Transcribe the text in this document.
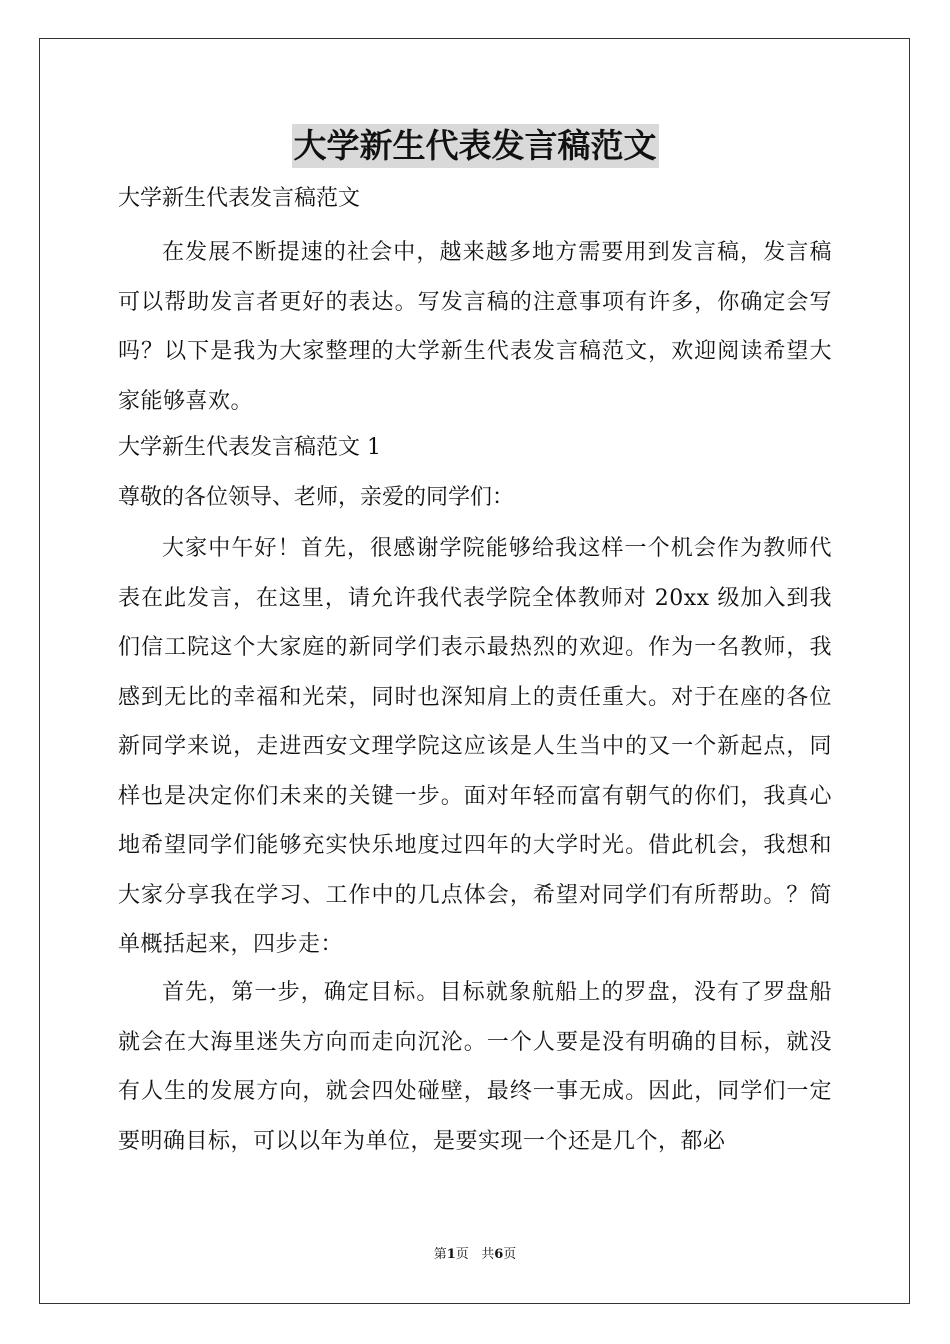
大学新生代表发言稿范文
大学新生代表发言稿范文
在发展不断提速的社会中，越来越多地方需要用到发言稿，发言稿可以帮助发言者更好的表达。写发言稿的注意事项有许多，你确定会写吗？以下是我为大家整理的大学新生代表发言稿范文，欢迎阅读希望大家能够喜欢。
大学新生代表发言稿范文 1
尊敬的各位领导、老师，亲爱的同学们：
大家中午好！首先，很感谢学院能够给我这样一个机会作为教师代表在此发言，在这里，请允许我代表学院全体教师对 20xx 级加入到我们信工院这个大家庭的新同学们表示最热烈的欢迎。作为一名教师，我感到无比的幸福和光荣，同时也深知肩上的责任重大。对于在座的各位新同学来说，走进西安文理学院这应该是人生当中的又一个新起点，同样也是决定你们未来的关键一步。面对年轻而富有朝气的你们，我真心地希望同学们能够充实快乐地度过四年的大学时光。借此机会，我想和大家分享我在学习、工作中的几点体会，希望对同学们有所帮助。？简单概括起来，四步走：
首先，第一步，确定目标。目标就象航船上的罗盘，没有了罗盘船就会在大海里迷失方向而走向沉沦。一个人要是没有明确的目标，就没有人生的发展方向，就会四处碰壁，最终一事无成。因此，同学们一定要明确目标，可以以年为单位，是要实现一个还是几个，都必
第1页 共6页
